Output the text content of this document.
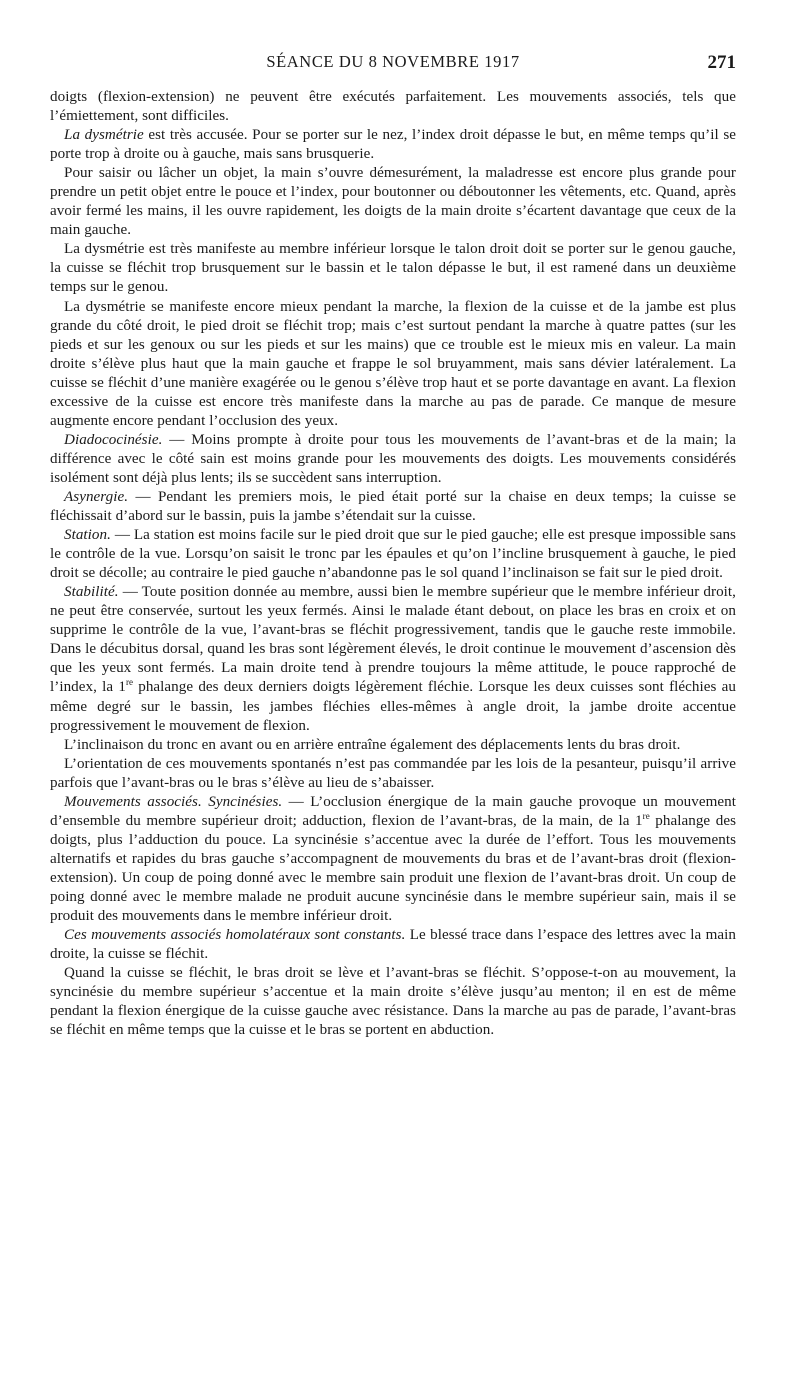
SÉANCE DU 8 NOVEMBRE 1917	271

doigts (flexion-extension) ne peuvent être exécutés parfaitement. Les mouvements associés, tels que l’émiettement, sont difficiles.

La dysmétrie est très accusée. Pour se porter sur le nez, l’index droit dépasse le but, en même temps qu’il se porte trop à droite ou à gauche, mais sans brusquerie.

Pour saisir ou lâcher un objet, la main s’ouvre démesurément, la maladresse est encore plus grande pour prendre un petit objet entre le pouce et l’index, pour boutonner ou déboutonner les vêtements, etc. Quand, après avoir fermé les mains, il les ouvre rapidement, les doigts de la main droite s’écartent davantage que ceux de la main gauche.

La dysmétrie est très manifeste au membre inférieur lorsque le talon droit doit se porter sur le genou gauche, la cuisse se fléchit trop brusquement sur le bassin et le talon dépasse le but, il est ramené dans un deuxième temps sur le genou.

La dysmétrie se manifeste encore mieux pendant la marche, la flexion de la cuisse et de la jambe est plus grande du côté droit, le pied droit se fléchit trop; mais c’est surtout pendant la marche à quatre pattes (sur les pieds et sur les genoux ou sur les pieds et sur les mains) que ce trouble est le mieux mis en valeur. La main droite s’élève plus haut que la main gauche et frappe le sol bruyamment, mais sans dévier latéralement. La cuisse se fléchit d’une manière exagérée ou le genou s’élève trop haut et se porte davantage en avant. La flexion excessive de la cuisse est encore très manifeste dans la marche au pas de parade. Ce manque de mesure augmente encore pendant l’occlusion des yeux.

Diadococinésie. — Moins prompte à droite pour tous les mouvements de l’avant-bras et de la main; la différence avec le côté sain est moins grande pour les mouvements des doigts. Les mouvements considérés isolément sont déjà plus lents; ils se succèdent sans interruption.

Asynergie. — Pendant les premiers mois, le pied était porté sur la chaise en deux temps; la cuisse se fléchissait d’abord sur le bassin, puis la jambe s’étendait sur la cuisse.

Station. — La station est moins facile sur le pied droit que sur le pied gauche; elle est presque impossible sans le contrôle de la vue. Lorsqu’on saisit le tronc par les épaules et qu’on l’incline brusquement à gauche, le pied droit se décolle; au contraire le pied gauche n’abandonne pas le sol quand l’inclinaison se fait sur le pied droit.

Stabilité. — Toute position donnée au membre, aussi bien le membre supérieur que le membre inférieur droit, ne peut être conservée, surtout les yeux fermés. Ainsi le malade étant debout, on place les bras en croix et on supprime le contrôle de la vue, l’avant-bras se fléchit progressivement, tandis que le gauche reste immobile. Dans le décubitus dorsal, quand les bras sont légèrement élevés, le droit continue le mouvement d’ascension dès que les yeux sont fermés. La main droite tend à prendre toujours la même attitude, le pouce rapproché de l’index, la 1re phalange des deux derniers doigts légèrement fléchie. Lorsque les deux cuisses sont fléchies au même degré sur le bassin, les jambes fléchies elles-mêmes à angle droit, la jambe droite accentue progressivement le mouvement de flexion.

L’inclinaison du tronc en avant ou en arrière entraîne également des déplacements lents du bras droit.

L’orientation de ces mouvements spontanés n’est pas commandée par les lois de la pesanteur, puisqu’il arrive parfois que l’avant-bras ou le bras s’élève au lieu de s’abaisser.

Mouvements associés. Syncinésies. — L’occlusion énergique de la main gauche provoque un mouvement d’ensemble du membre supérieur droit; adduction, flexion de l’avant-bras, de la main, de la 1re phalange des doigts, plus l’adduction du pouce. La syncinésie s’accentue avec la durée de l’effort. Tous les mouvements alternatifs et rapides du bras gauche s’accompagnent de mouvements du bras et de l’avant-bras droit (flexion-extension). Un coup de poing donné avec le membre sain produit une flexion de l’avant-bras droit. Un coup de poing donné avec le membre malade ne produit aucune syncinésie dans le membre supérieur sain, mais il se produit des mouvements dans le membre inférieur droit.

Ces mouvements associés homolatéraux sont constants. Le blessé trace dans l’espace des lettres avec la main droite, la cuisse se fléchit.

Quand la cuisse se fléchit, le bras droit se lève et l’avant-bras se fléchit. S’oppose-t-on au mouvement, la syncinésie du membre supérieur s’accentue et la main droite s’élève jusqu’au menton; il en est de même pendant la flexion énergique de la cuisse gauche avec résistance. Dans la marche au pas de parade, l’avant-bras se fléchit en même temps que la cuisse et le bras se portent en abduction.
